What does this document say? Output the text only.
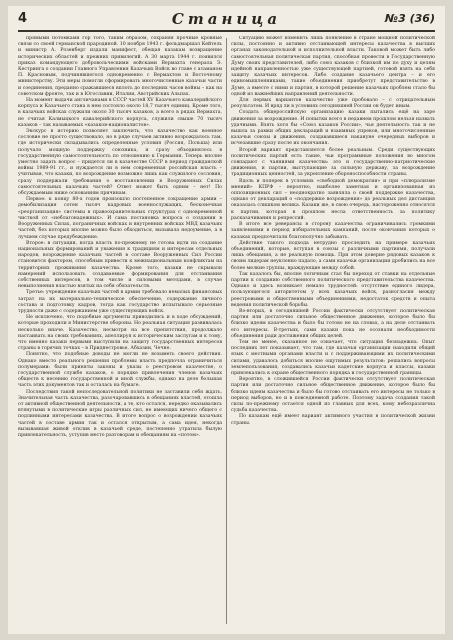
4	Станица	№3 (36)

прямыми потомками гор того, таким образом, сохраняя прочные кровные связи со своей германской прародиной. 10 ноября 1943 г. фельдмаршал Кейтель и министр А. Розенберг издали манифест, обещая казакам возвращение исторических областей и прежних привилегий. А 30 марта 1944 г. появился приказ командующего добровольческими войсками Вермахта генерала Э. Кестринга о создании Главного Управления Казачьих Войск во главе с атаманом П. Красновым, подчинявшегося одновременно с Вермахтом и Восточному министерству. Эти меры помогли сформировать многочисленные казачьи части и соединения, преданно сражавшиеся вплоть до последних часов войны – как на советском фронте, так и в Югославии, Италии, Австрийских Альпах.

На момент выдачи англичанами в СССР частей XV Казачьего кавалерийского корпуса и Казачьего стана в нем состояло около 18,7 тысяч единиц. Кроме того, в казачьих войсках служили около 30 тысяч казаков, а всего в рядах Вермахта, не считая Калмыцкого кавалерийского корпуса, служили свыше 70 тысяч казаков – так называемых «казаков-националистов».

Экскурс в историю позволяет заключить, что казачество как военное сословие не просто существовало, но в ряде случаев активно возрождалось там, где исторически складывались определенные условия (Россия, Польша) или получало мощную поддержку союзника, и сразу объединялось в государственную самостоятельность по отношению к Германии. Теперь вполне уместно задать вопрос – придется ли в казачестве СССР в период гражданской войны 1989-91 гг., и нуждается ли в нем современная российская власть – учитывая, что казаки, по возрождение возможно лишь как служилого сословия, сразу поддержали требования о восстановлении в Вооруженных Силах самостоятельных казачьих частей? Ответ может быть одним – нет! По обсуждаемым ниже основаниям причинам.

Первое: к концу 80-х годов произошло постепенное сокращение армии – демобилизация сотен тысяч кадровых военнослужащих, бесконечная «реорганизация» системы в правоохранительных структурах с одновременной чисткой от «неблагонадежных». И сама постановка вопроса о создании в Вооруженных Силах, пограничных войсках и внутренних войсках МВД казачьих частей, без которых вполне можно было обходиться, вызывала недоумение, а в лучшем случае предубеждение.

Второе: в ситуации, когда власть по-прежнему не готова идти на создание национальных формирований и уважения к традициям и интересам отдельных народов, возрождение казачьих частей в составе Вооруженных Сил России становится фактором, способным привести к межнациональным конфликтам на территориях проживания казачества. Кроме того, казаки не скрывали намерений использовать создаваемые формирования для отстаивания собственных интересов, в том числе и силовыми методами, в случае невыполнения властью взятых на себя обязательств.

Третье: учреждение казачьих частей в армии требовало немалых финансовых затрат на их материально-техническое обеспечение, содержание личного состава и подготовку кадров, тогда как государство испытывало серьезные трудности даже с содержанием уже существующих войск.

Не исключено, что подобные аргументы приводились и в ходе обсуждений, которые проходили в Министерстве обороны. Но реальная ситуация развивалась несколько иначе. Казачество, несмотря на все препятствия, продолжало настаивать на своих требованиях, апеллируя к историческим заслугам и к тому, что именно казаки первыми выступили на защиту государственных интересов страны в горячих точках – в Приднестровье, Абхазии, Чечне.

Понятно, что подобные доводы не могли не возыметь своего действия. Однако вместо реального решения проблемы власть предпочла ограничиться полумерами: были приняты законы и указы о реестровом казачестве, о государственной службе казаков, о порядке привлечения членов казачьих обществ к несению государственной и иной службы, однако на деле большая часть этих документов так и осталась на бумаге.

Последствия такой непоследовательной политики не заставили себя ждать. Значительная часть казачества, разочаровавшись в обещаниях властей, отошла от активной общественной деятельности, а те, кто остался, нередко оказывались втянутыми в политические игры различных сил, не имеющих ничего общего с подлинными интересами казачества. В итоге вопрос о возрождении казачьих частей в составе армии так и остался открытым, а сама идея, некогда вызывавшая живой отклик в казачьей среде, постепенно утратила былую привлекательность, уступив место разговорам и обещаниям на «потом».

Ситуацию может изменить лишь появление в стране мощной политической силы, постоянно и активно отстаивающей интересы казачества в высших органах законодательной и исполнительной власти. Таковой может быть либо самостоятельная политическая партия, способная провести в Государственную Думу своих представителей, либо союз казаков с близкой им по духу и целям идейной направленностью уже существующей партией, готовой взять на себя защиту казачьих интересов. Либо создание казачьего центра – и его единомышленниками, такие объединения приобретут представительство в Думе, а вместе с ними и партия, в которой решение казачьих проблем стало бы одной из важнейших направлений деятельности.

Для первых вариантов казачество уже пробовало – с отрицательным результатом. И вряд ли в условиях сегодняшней России он будет иным.

Создать общероссийскую организацию казаки пытались ещё на заре движения за возрождение. И попытки всего в недавнем прошлом нельзя назвать удачными. Взять хотя бы «Союз казаков России», чья деятельность так и не вышла за рамки общих деклараций и взаимных упреков, или многочисленные казачьи союзы и движения, создававшиеся накануне очередных выборов и исчезавшие сразу после их окончания.

Второй вариант представляется более реальным. Среди существующих политических партий есть такие, чьи программные положения во многом совпадают с чаяниями казачества: это и государственно-патриотические движения, и партии, выступающие за сильную державу, за возрождение традиционных ценностей, за укрепление обороноспособности страны.

Вдоль и поперек в условиях «свободной демократии» и при «плюрализме мнений» КПРФ – вероятно, наиболее заметная и организованная из оппозиционных сил – неоднократно заявляла о своей поддержке казачества, однако от деклараций о «поддержке возрождения» до реальных дел дистанция оказалась слишком велика. Казаки же, в свою очередь, настороженно относятся к партии, которая в прошлом несла ответственность за политику расказачивания и репрессий.

В итоге все реверансы в сторону казачества ограничивались громкими заявлениями в период избирательных кампаний, после окончания которых о казаках предпочитали благополучно забывать.

Действие такого подхода нетрудно проследить на примере казачьих объединений, которые, вступая в союзы с различными партиями, получали лишь обещания, а не реальную помощь. При этом доверие рядовых казаков к своим лидерам неуклонно падало, а сами казачьи организации дробились на все более мелкие группы, враждующие между собой.

Так казалось бы, вполне логичным стал бы переход от ставки на отдельные партии к созданию собственного политического представительства казачества. Однако и здесь возникает немало трудностей: отсутствие единого лидера, пользующегося авторитетом у всех казачьих войск, разногласия между реестровыми и общественными объединениями, недостаток средств и опыта ведения политической борьбы.

Во-вторых, в сегодняшней России фактически отсутствует политическая партия или достаточно сильное общественное движение, которое было бы близко идеям казачества и было бы готово не на словах, а на деле отстаивать его интересы. В-третьих, сами казаки пока не осознали необходимости объединения ради достижения общих целей.

Тем не менее, сказанное не означает, что ситуация безнадежна. Опыт последних лет показывает, что там, где казачьи организации находили общий язык с местными органами власти и с поддерживающими их политическими силами, удавалось добиться вполне ощутимых результатов: решались вопросы землепользования, создавались казачьи кадетские корпуса и классы, казаки привлекались к охране общественного порядка и государственной границы.

Вероятно, в сложившейся России фактически отсутствует политическая партия или достаточно сильное общественное движение, которое было бы близко идеям казачества и было бы готово отстаивать его интересы не только в период выборов, но и в повседневной работе. Поэтому задача создания такой силы по-прежнему остается одной из главных для всех, кому небезразлична судьба казачества.

По казакам ещё имеет вариант активного участия в политической жизни страны.
